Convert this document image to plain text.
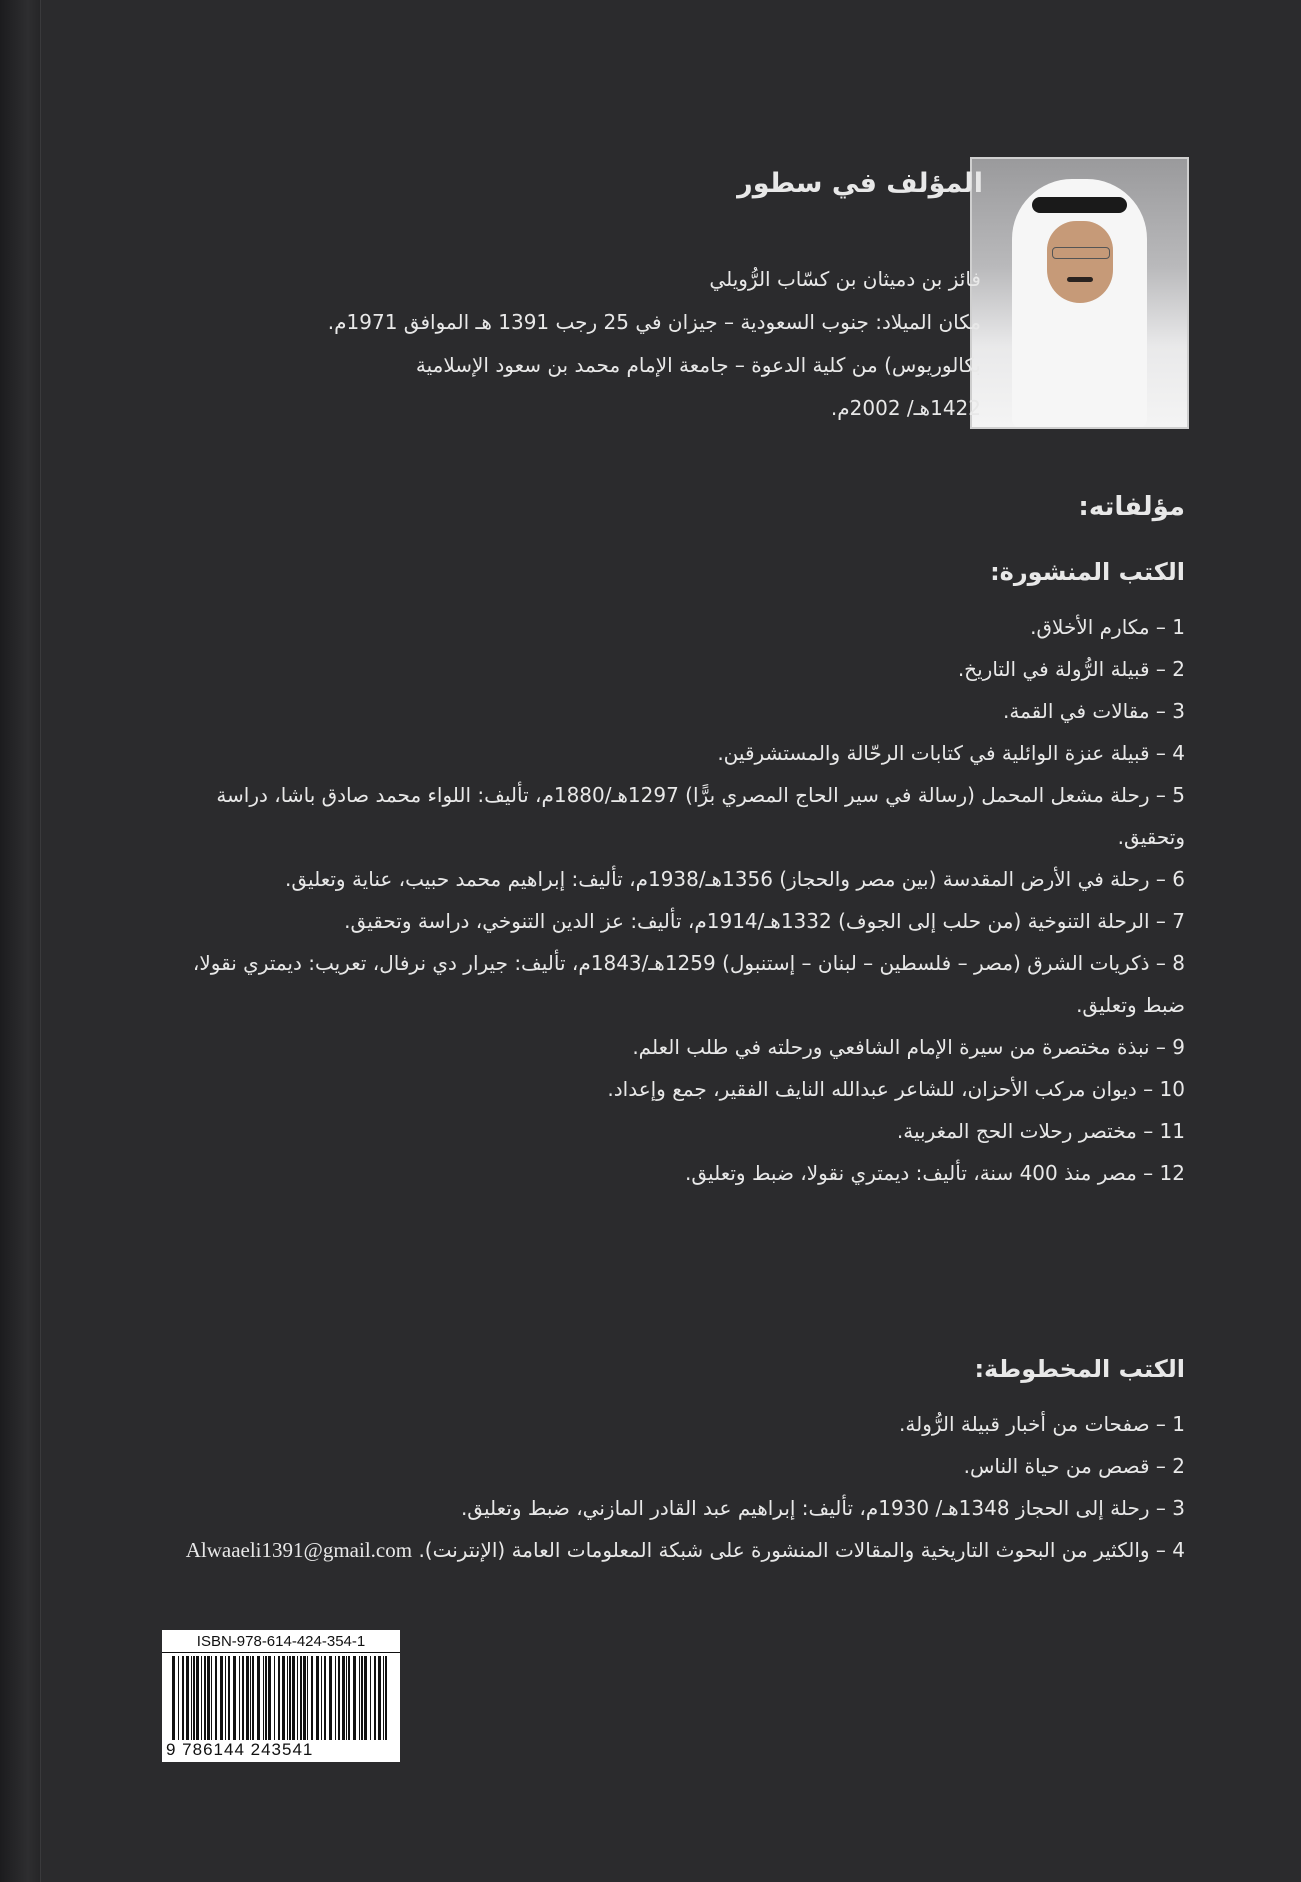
المؤلف في سطور
فائز بن دميثان بن كسّاب الرُّويلي
مكان الميلاد: جنوب السعودية – جيزان في 25 رجب 1391 هـ الموافق 1971م.
بكالوريوس) من كلية الدعوة – جامعة الإمام محمد بن سعود الإسلامية
1422هـ/ 2002م.
مؤلفاته:
الكتب المنشورة:
1 – مكارم الأخلاق.
2 – قبيلة الرُّولة في التاريخ.
3 – مقالات في القمة.
4 – قبيلة عنزة الوائلية في كتابات الرحّالة والمستشرقين.
5 – رحلة مشعل المحمل (رسالة في سير الحاج المصري برًّا) 1297هـ/1880م، تأليف: اللواء محمد صادق باشا، دراسة وتحقيق.
6 – رحلة في الأرض المقدسة (بين مصر والحجاز) 1356هـ/1938م، تأليف: إبراهيم محمد حبيب، عناية وتعليق.
7 – الرحلة التنوخية (من حلب إلى الجوف) 1332هـ/1914م، تأليف: عز الدين التنوخي، دراسة وتحقيق.
8 – ذكريات الشرق (مصر – فلسطين – لبنان – إستنبول) 1259هـ/1843م، تأليف: جيرار دي نرفال، تعريب: ديمتري نقولا، ضبط وتعليق.
9 – نبذة مختصرة من سيرة الإمام الشافعي ورحلته في طلب العلم.
10 – ديوان مركب الأحزان، للشاعر عبدالله النايف الفقير، جمع وإعداد.
11 – مختصر رحلات الحج المغربية.
12 – مصر منذ 400 سنة، تأليف: ديمتري نقولا، ضبط وتعليق.
الكتب المخطوطة:
1 – صفحات من أخبار قبيلة الرُّولة.
2 – قصص من حياة الناس.
3 – رحلة إلى الحجاز 1348هـ/ 1930م، تأليف: إبراهيم عبد القادر المازني، ضبط وتعليق.
4 – والكثير من البحوث التاريخية والمقالات المنشورة على شبكة المعلومات العامة (الإنترنت). Alwaaeli1391@gmail.com
ISBN-978-614-424-354-1
9 786144 243541
